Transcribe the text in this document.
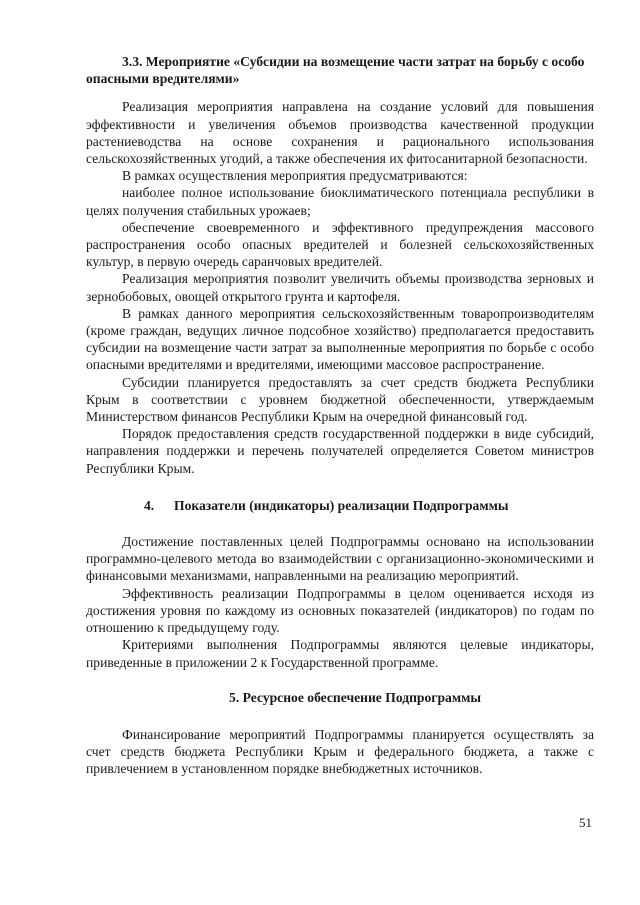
3.3. Мероприятие «Субсидии на возмещение части затрат на борьбу с особо опасными вредителями»

Реализация мероприятия направлена на создание условий для повышения эффективности и увеличения объемов производства качественной продукции растениеводства на основе сохранения и рационального использования сельскохозяйственных угодий, а также обеспечения их фитосанитарной безопасности.

В рамках осуществления мероприятия предусматриваются:

наиболее полное использование биоклиматического потенциала республики в целях получения стабильных урожаев;

обеспечение своевременного и эффективного предупреждения массового распространения особо опасных вредителей и болезней сельскохозяйственных культур, в первую очередь саранчовых вредителей.

Реализация мероприятия позволит увеличить объемы производства зерновых и зернобобовых, овощей открытого грунта и картофеля.

В рамках данного мероприятия сельскохозяйственным товаропроизводителям (кроме граждан, ведущих личное подсобное хозяйство) предполагается предоставить субсидии на возмещение части затрат за выполненные мероприятия по борьбе с особо опасными вредителями и вредителями, имеющими массовое распространение.

Субсидии планируется предоставлять за счет средств бюджета Республики Крым в соответствии с уровнем бюджетной обеспеченности, утверждаемым Министерством финансов Республики Крым на очередной финансовый год.

Порядок предоставления средств государственной поддержки в виде субсидий, направления поддержки и перечень получателей определяется Советом министров Республики Крым.

4. Показатели (индикаторы) реализации Подпрограммы

Достижение поставленных целей Подпрограммы основано на использовании программно-целевого метода во взаимодействии с организационно-экономическими и финансовыми механизмами, направленными на реализацию мероприятий.

Эффективность реализации Подпрограммы в целом оценивается исходя из достижения уровня по каждому из основных показателей (индикаторов) по годам по отношению к предыдущему году.

Критериями выполнения Подпрограммы являются целевые индикаторы, приведенные в приложении 2 к Государственной программе.

5. Ресурсное обеспечение Подпрограммы

Финансирование мероприятий Подпрограммы планируется осуществлять за счет средств бюджета Республики Крым и федерального бюджета, а также с привлечением в установленном порядке внебюджетных источников.

51
